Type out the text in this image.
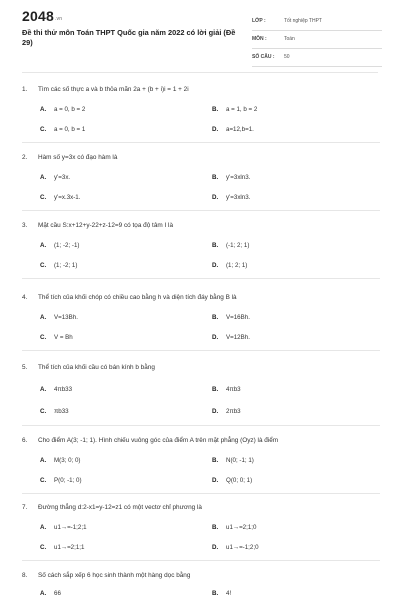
2048.vn
Đề thi thử môn Toán THPT Quốc gia năm 2022 có lời giải (Đề 29)
LỚP :	Tốt nghiệp THPT
MÔN :	Toán
SỐ CÂU : 50
1. Tìm các số thực a và b thỏa mãn 2a + (b + i)i = 1 + 2i
A. a = 0, b = 2	B. a = 1, b = 2
C. a = 0, b = 1	D. a=12,b=1.
2. Hàm số y=3x có đạo hàm là
A. y'=3x.	B. y'=3xln3.
C. y'=x.3x-1.	D. y'=3xln3.
3. Mặt cầu S:x+12+y-22+z-12=9 có tọa độ tâm I là
A. (1; -2; -1)	B. (-1; 2; 1)
C. (1; -2; 1)	D. (1; 2; 1)
4. Thể tích của khối chóp có chiều cao bằng h và diện tích đáy bằng B là
A. V=13Bh.	B. V=16Bh.
C. V = Bh	D. V=12Bh.
5. Thể tích của khối cầu có bán kính b bằng
A. 4πb33	B. 4πb3
C. πb33	D. 2πb3
6. Cho điểm A(3; -1; 1). Hình chiếu vuông góc của điểm A trên mặt phẳng (Oyz) là điểm
A. M(3; 0; 0)	B. N(0; -1; 1)
C. P(0; -1; 0)	D. Q(0; 0; 1)
7. Đường thẳng d:2-x1=y-12=z1 có một vectơ chỉ phương là
A. u1→=-1;2;1	B. u1→=2;1;0
C. u1→=2;1;1	D. u1→=-1;2;0
8. Số cách sắp xếp 6 học sinh thành một hàng dọc bằng
A. 66	B. 4!
